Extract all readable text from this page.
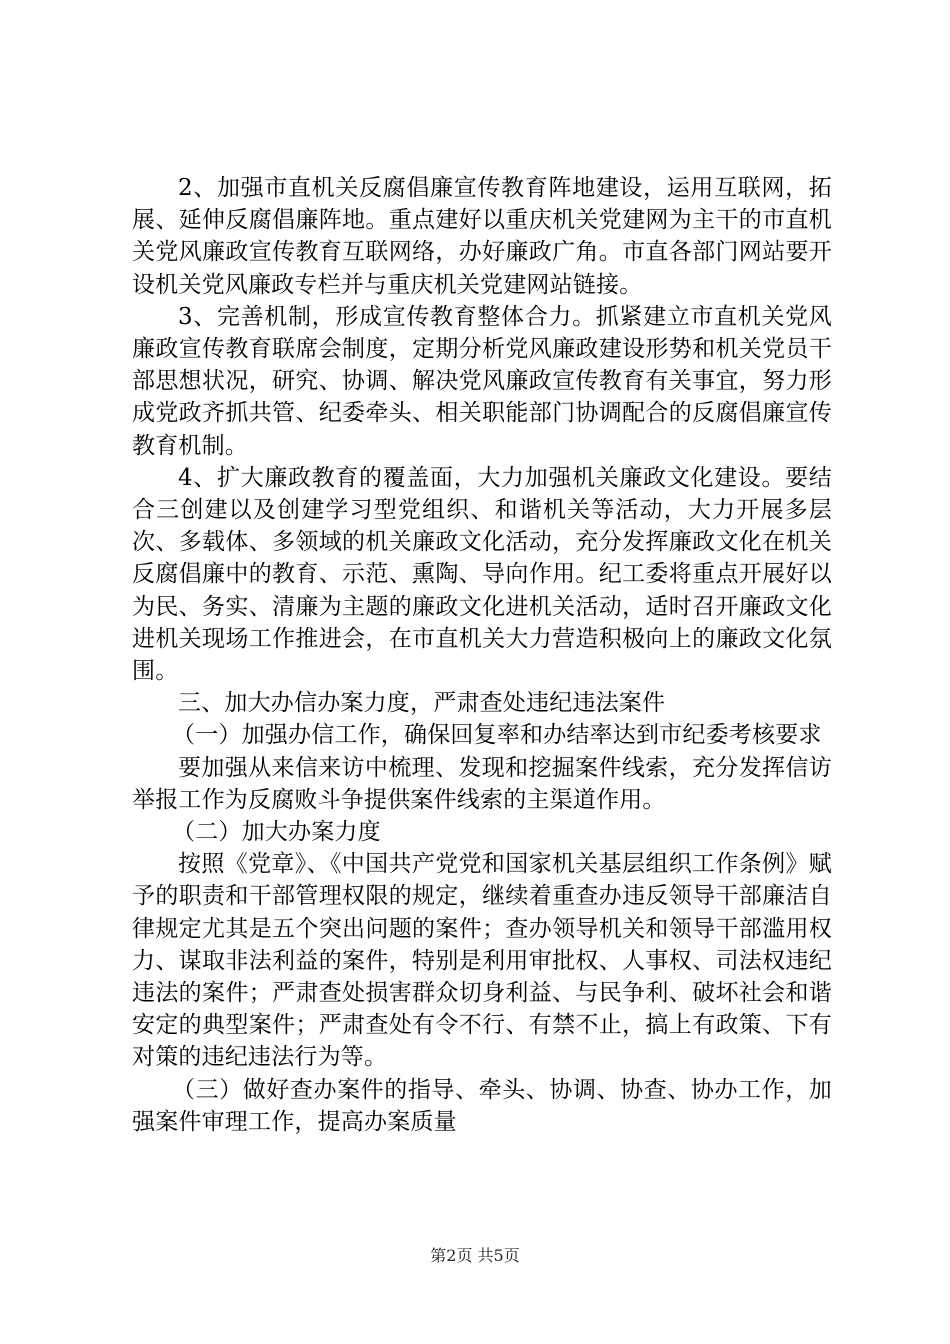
2、加强市直机关反腐倡廉宣传教育阵地建设，运用互联网，拓展、延伸反腐倡廉阵地。重点建好以重庆机关党建网为主干的市直机关党风廉政宣传教育互联网络，办好廉政广角。市直各部门网站要开设机关党风廉政专栏并与重庆机关党建网站链接。

3、完善机制，形成宣传教育整体合力。抓紧建立市直机关党风廉政宣传教育联席会制度，定期分析党风廉政建设形势和机关党员干部思想状况，研究、协调、解决党风廉政宣传教育有关事宜，努力形成党政齐抓共管、纪委牵头、相关职能部门协调配合的反腐倡廉宣传教育机制。

4、扩大廉政教育的覆盖面，大力加强机关廉政文化建设。要结合三创建以及创建学习型党组织、和谐机关等活动，大力开展多层次、多载体、多领域的机关廉政文化活动，充分发挥廉政文化在机关反腐倡廉中的教育、示范、熏陶、导向作用。纪工委将重点开展好以为民、务实、清廉为主题的廉政文化进机关活动，适时召开廉政文化进机关现场工作推进会，在市直机关大力营造积极向上的廉政文化氛围。

三、加大办信办案力度，严肃查处违纪违法案件

（一）加强办信工作，确保回复率和办结率达到市纪委考核要求

要加强从来信来访中梳理、发现和挖掘案件线索，充分发挥信访举报工作为反腐败斗争提供案件线索的主渠道作用。

（二）加大办案力度

按照《党章》、《中国共产党党和国家机关基层组织工作条例》赋予的职责和干部管理权限的规定，继续着重查办违反领导干部廉洁自律规定尤其是五个突出问题的案件；查办领导机关和领导干部滥用权力、谋取非法利益的案件，特别是利用审批权、人事权、司法权违纪违法的案件；严肃查处损害群众切身利益、与民争利、破坏社会和谐安定的典型案件；严肃查处有令不行、有禁不止，搞上有政策、下有对策的违纪违法行为等。

（三）做好查办案件的指导、牵头、协调、协查、协办工作，加强案件审理工作，提高办案质量

第2页 共5页
